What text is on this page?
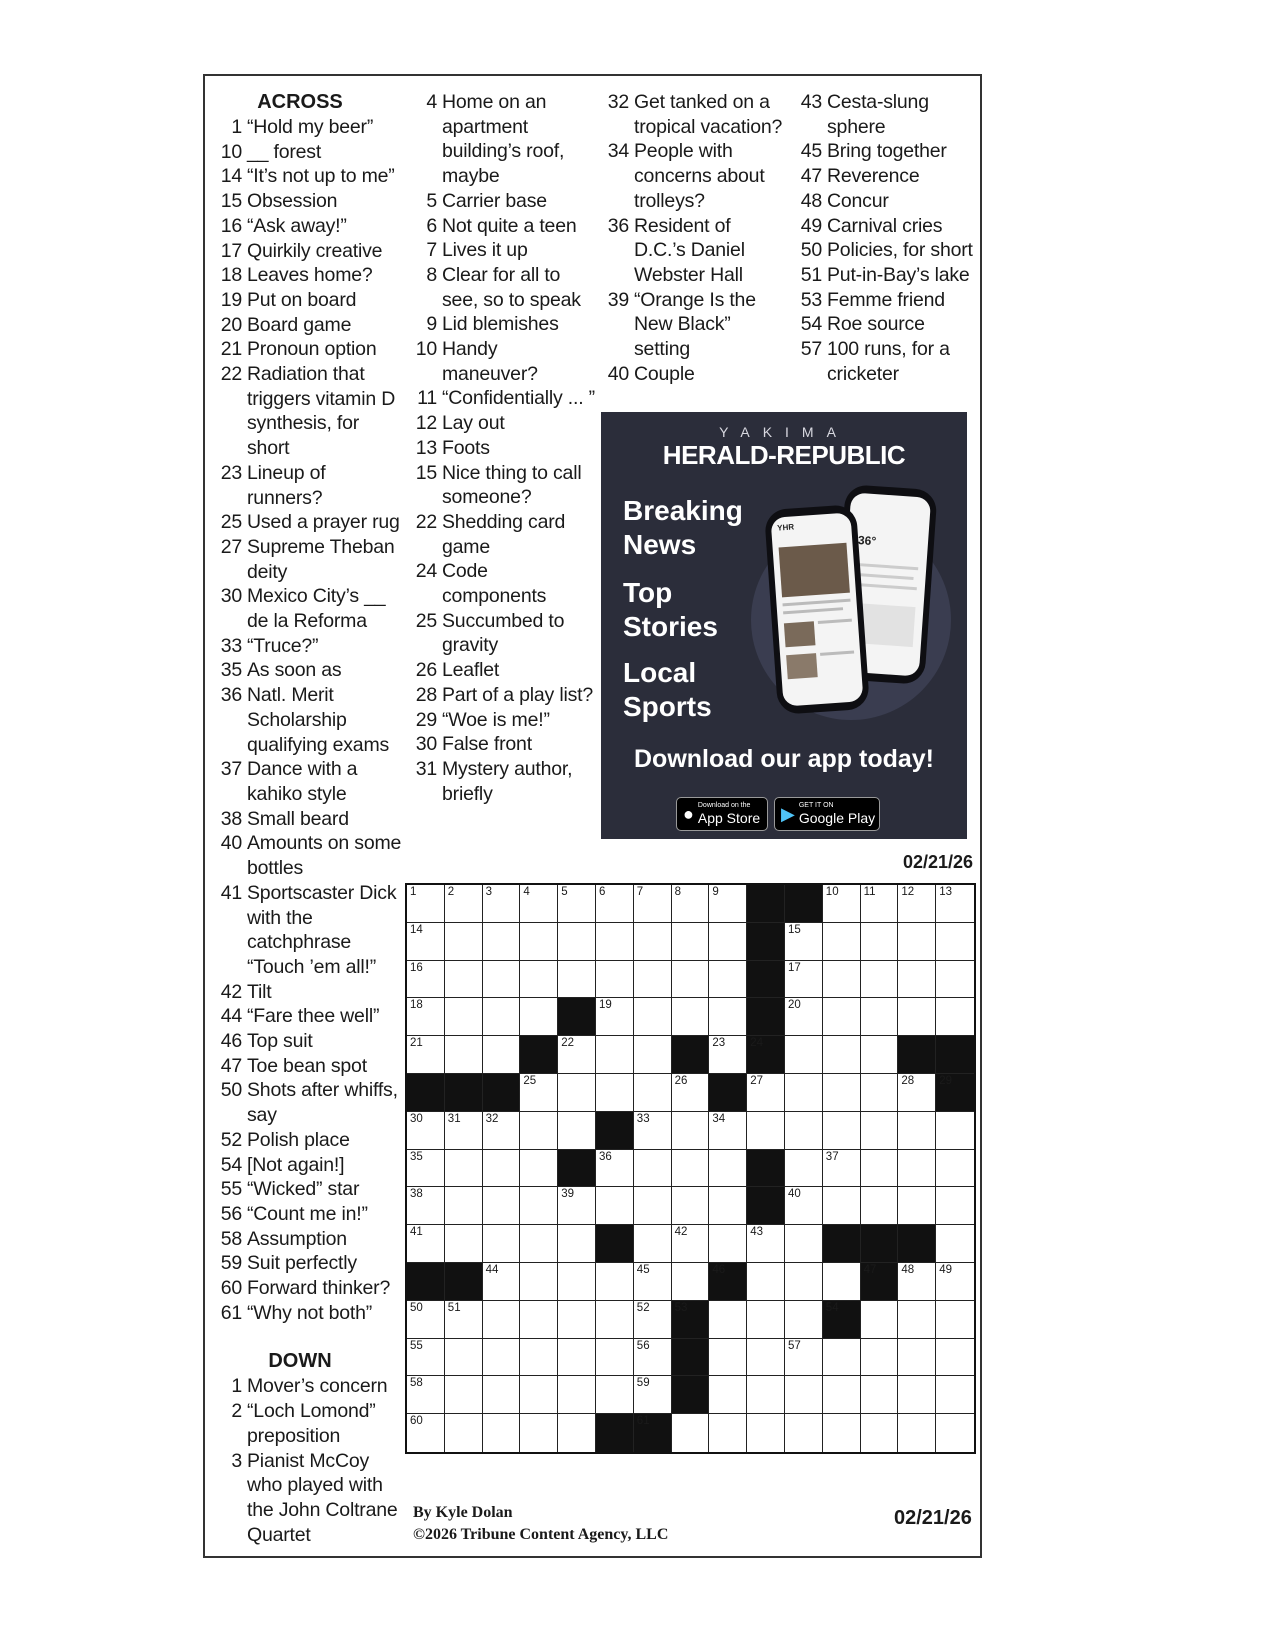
ACROSS
1 “Hold my beer”
10 __ forest
14 “It’s not up to me”
15 Obsession
16 “Ask away!”
17 Quirkily creative
18 Leaves home?
19 Put on board
20 Board game
21 Pronoun option
22 Radiation that triggers vitamin D synthesis, for short
23 Lineup of runners?
25 Used a prayer rug
27 Supreme Theban deity
30 Mexico City’s __ de la Reforma
33 “Truce?”
35 As soon as
36 Natl. Merit Scholarship qualifying exams
37 Dance with a kahiko style
38 Small beard
40 Amounts on some bottles
41 Sportscaster Dick with the catchphrase “Touch ’em all!”
42 Tilt
44 “Fare thee well”
46 Top suit
47 Toe bean spot
50 Shots after whiffs, say
52 Polish place
54 [Not again!]
55 “Wicked” star
56 “Count me in!”
58 Assumption
59 Suit perfectly
60 Forward thinker?
61 “Why not both”
DOWN
1 Mover’s concern
2 “Loch Lomond” preposition
3 Pianist McCoy who played with the John Coltrane Quartet
4 Home on an apartment building’s roof, maybe
5 Carrier base
6 Not quite a teen
7 Lives it up
8 Clear for all to see, so to speak
9 Lid blemishes
10 Handy maneuver?
11 “Confidentially ... ”
12 Lay out
13 Foots
15 Nice thing to call someone?
22 Shedding card game
24 Code components
25 Succumbed to gravity
26 Leaflet
28 Part of a play list?
29 “Woe is me!”
30 False front
31 Mystery author, briefly
32 Get tanked on a tropical vacation?
34 People with concerns about trolleys?
36 Resident of D.C.’s Daniel Webster Hall
39 “Orange Is the New Black” setting
40 Couple
43 Cesta-slung sphere
45 Bring together
47 Reverence
48 Concur
49 Carnival cries
50 Policies, for short
51 Put-in-Bay’s lake
53 Femme friend
54 Roe source
57 100 runs, for a cricketer
YAKIMA
HERALD-REPUBLIC
Breaking News
Top Stories
Local Sports
36°
YHR
Download our app today!
● Download on the
App Store ▶ GET IT ON
Google Play
02/21/26
1	2	3	4	5	6	7	8	9	10 11 12 13
14	15
16	17
18	19	20
21	22	23 24
25	26	27	28 29
30 31 32	33	34
35	36	37
38	39	40
41	42	43
44	45	46	47 48 49
50 51	52 53	54
55	56	57
58	59
60	61
By Kyle Dolan
©2026 Tribune Content Agency, LLC
02/21/26
